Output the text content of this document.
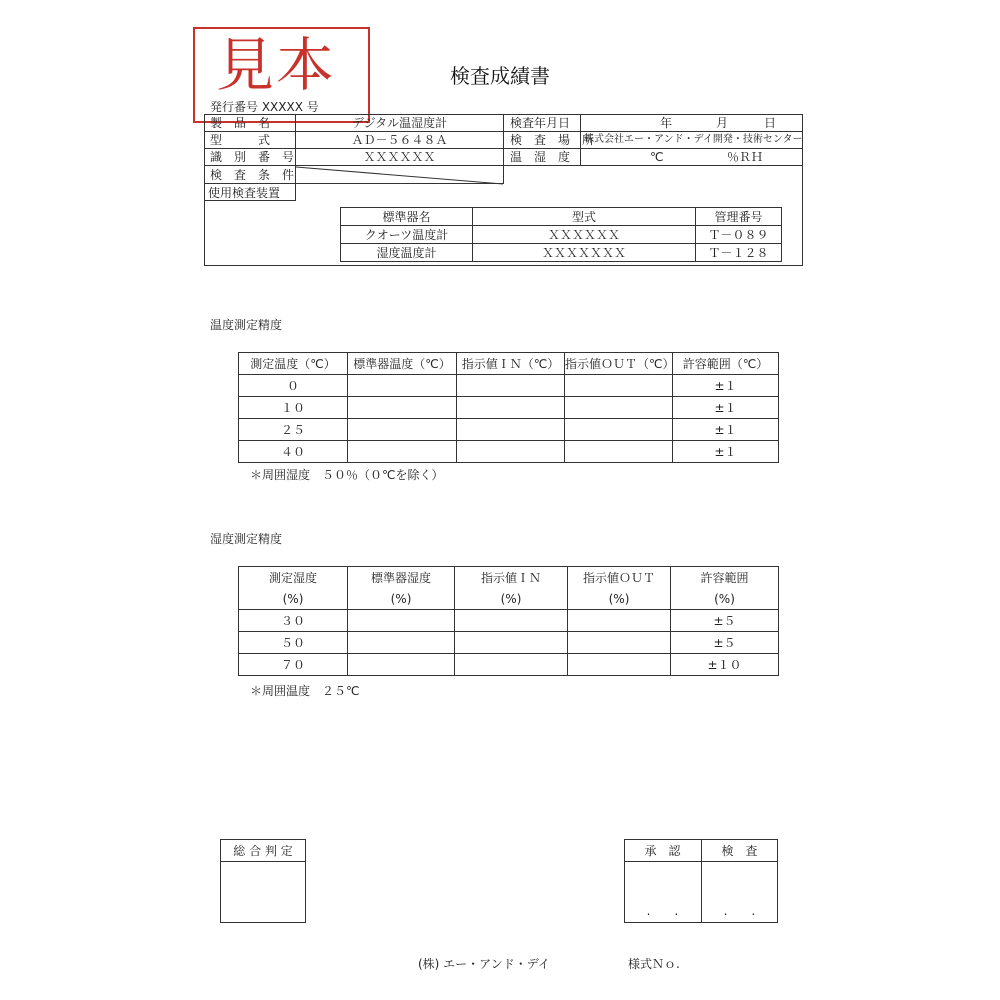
見本	検査成績書
発行番号 XXXXX 号
製　品　名	デジタル温湿度計
型　　　式	ＡＤ－５６４８Ａ
識　別　番　号	ＸＸＸＸＸＸ
検　査　条　件
使用検査装置
検査年月日	年	月	日
検　査　場　所
株式会社エー・アンド・デイ開発・技術センター
温　湿　度	℃	％ＲＨ
標準器名	型式	管理番号
クオーツ温度計	ＸＸＸＸＸＸ	Ｔ－０８９
湿度温度計	ＸＸＸＸＸＸＸ	Ｔ－１２８
温度測定精度
測定温度（℃）	標準器温度（℃）	指示値ＩＮ（℃）	指示値ＯＵＴ（℃）	許容範囲（℃）
０				±１
１０				±１
２５				±１
４０				±１
＊周囲湿度　５０％（０℃を除く）
湿度測定精度
測定湿度	標準器湿度	指示値ＩＮ	指示値ＯＵＴ	許容範囲
(%)	(%)	(%)	(%)	(%)
３０				±５
５０				±５
７０				±１０
＊周囲温度　２５℃
総 合 判 定	承　認	検　査
.　　.	.　　.
(株) エー・アンド・デイ	様式Ｎｏ.
